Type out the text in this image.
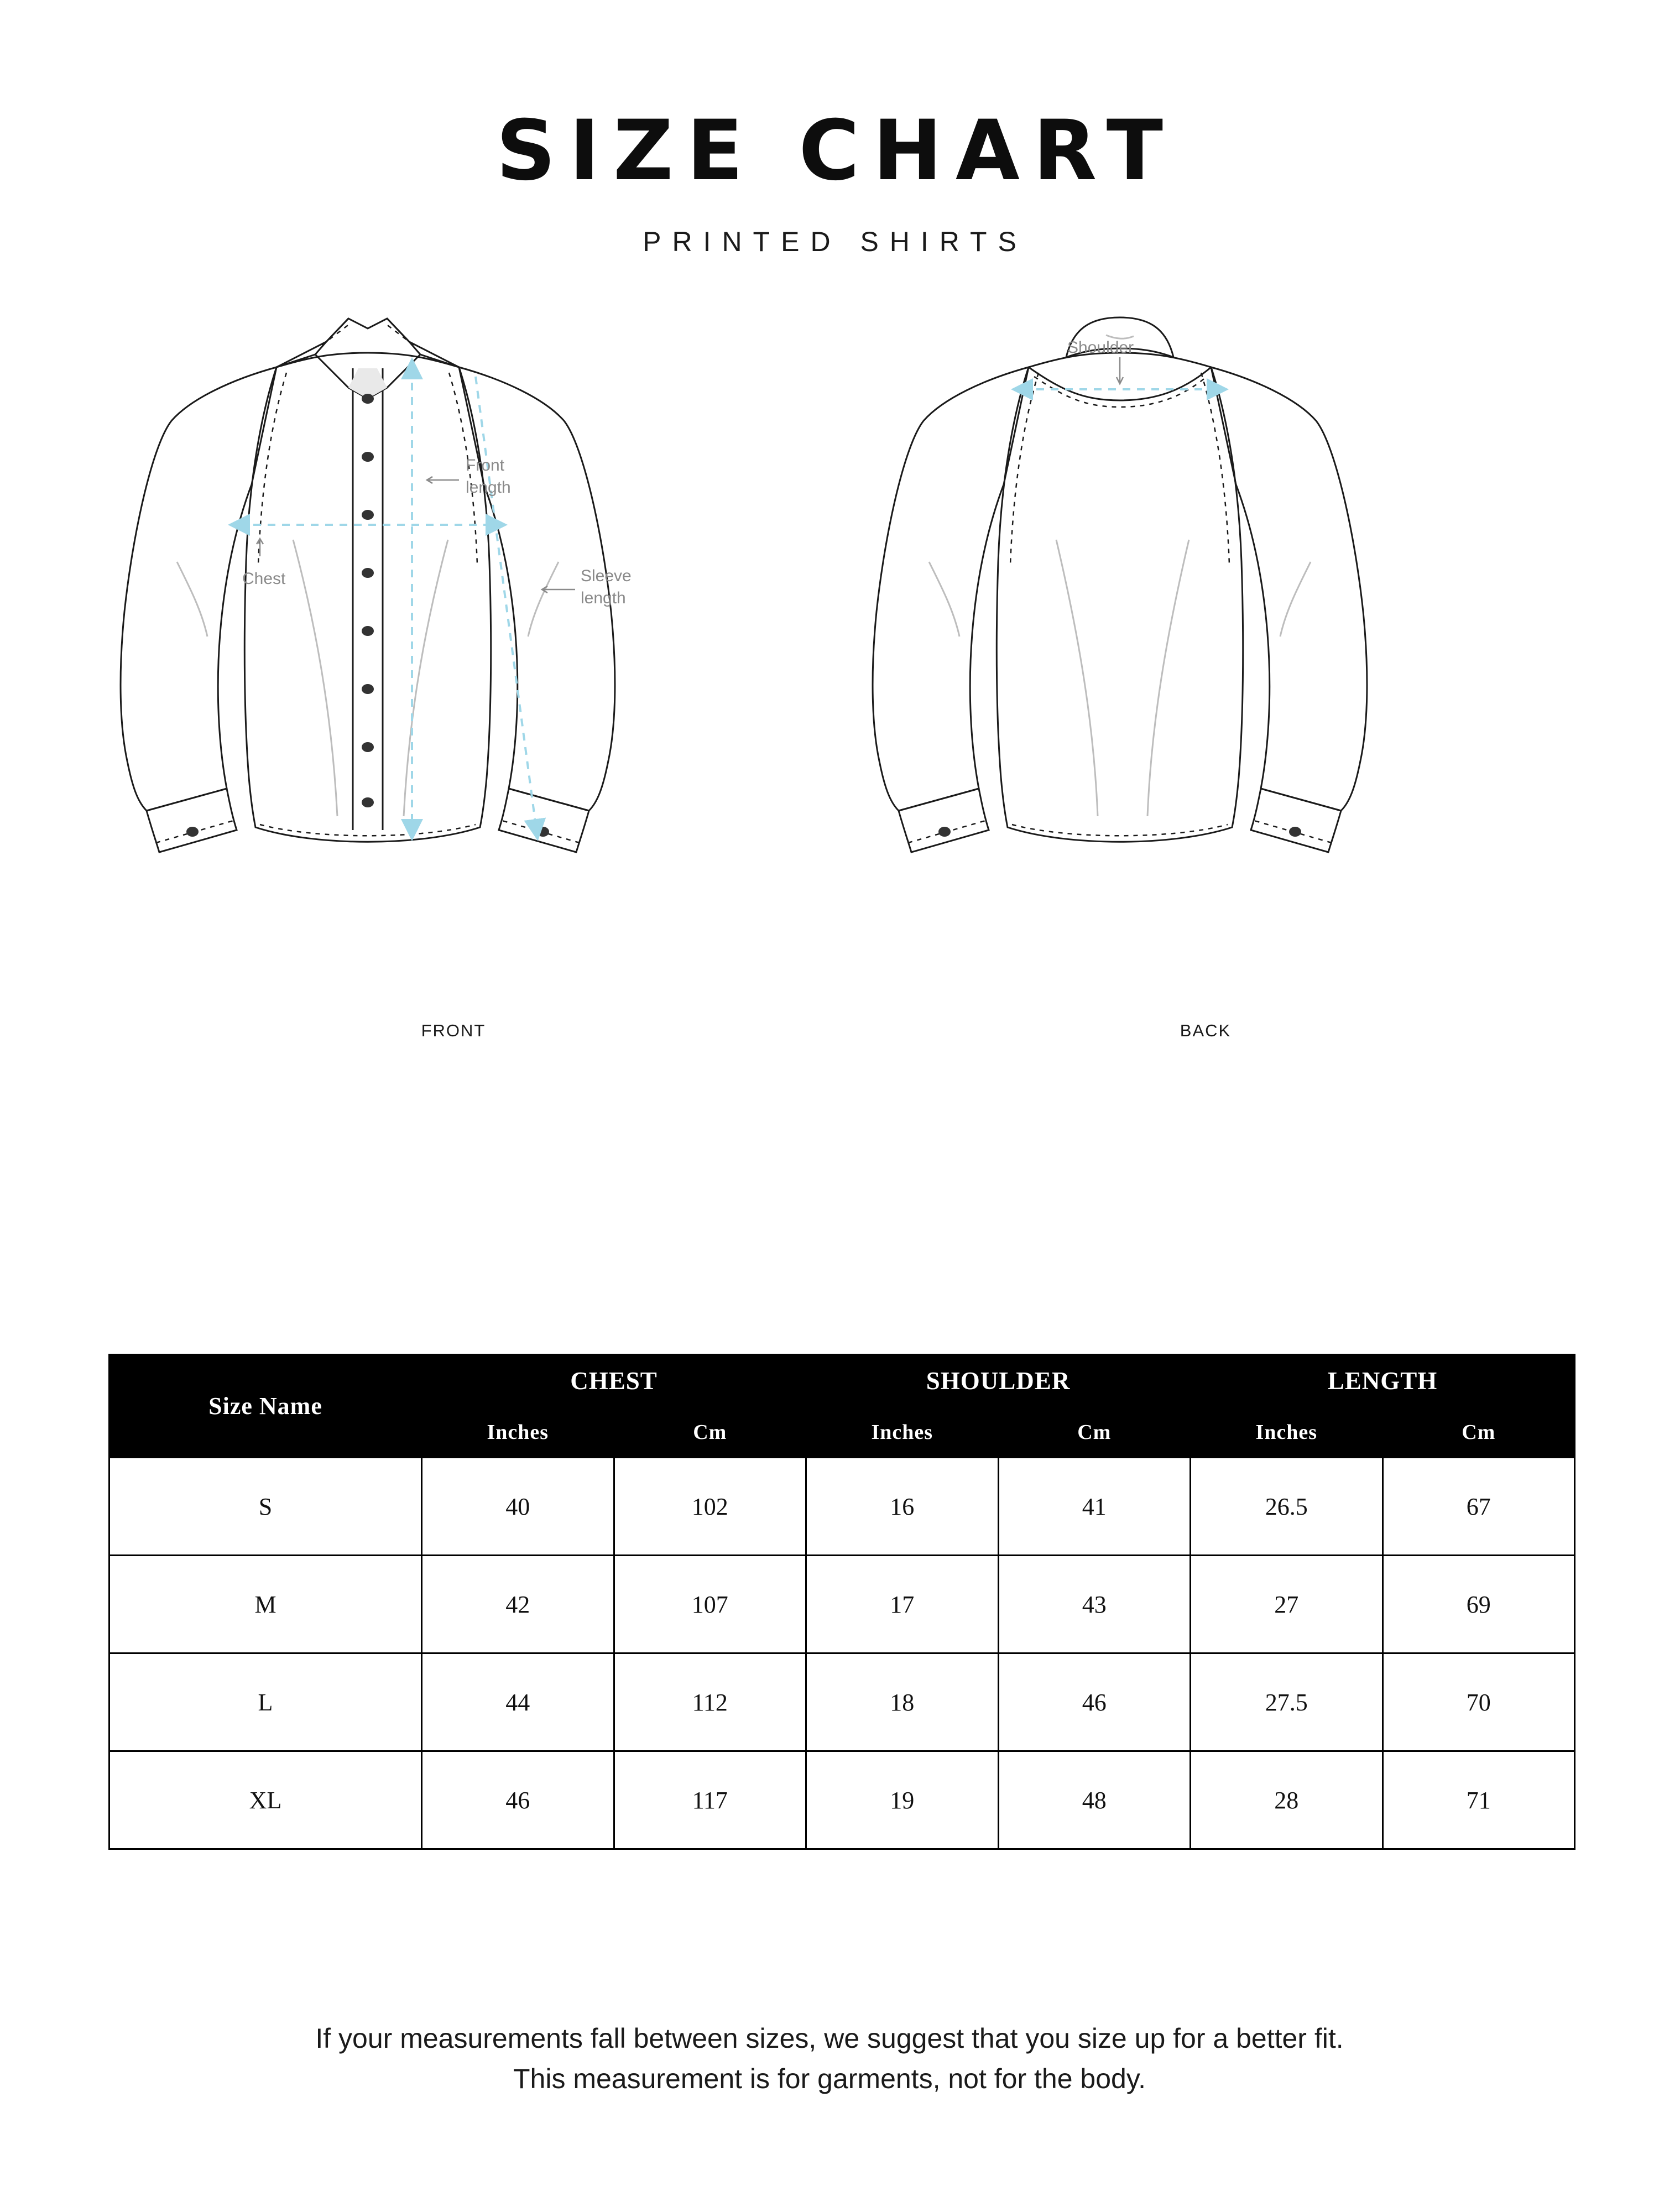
SIZE CHART
PRINTED SHIRTS
Front
length
Chest	Sleeve
length
FRONT
Shoulder
BACK
Size Name	CHEST		SHOULDER		LENGTH	
	Inches	Cm	Inches	Cm	Inches	Cm
S	40	102	16	41	26.5	67
M	42	107	17	43	27	69
L	44	112	18	46	27.5	70
XL	46	117	19	48	28	71
If your measurements fall between sizes, we suggest that you size up for a better fit.
This measurement is for garments, not for the body.
